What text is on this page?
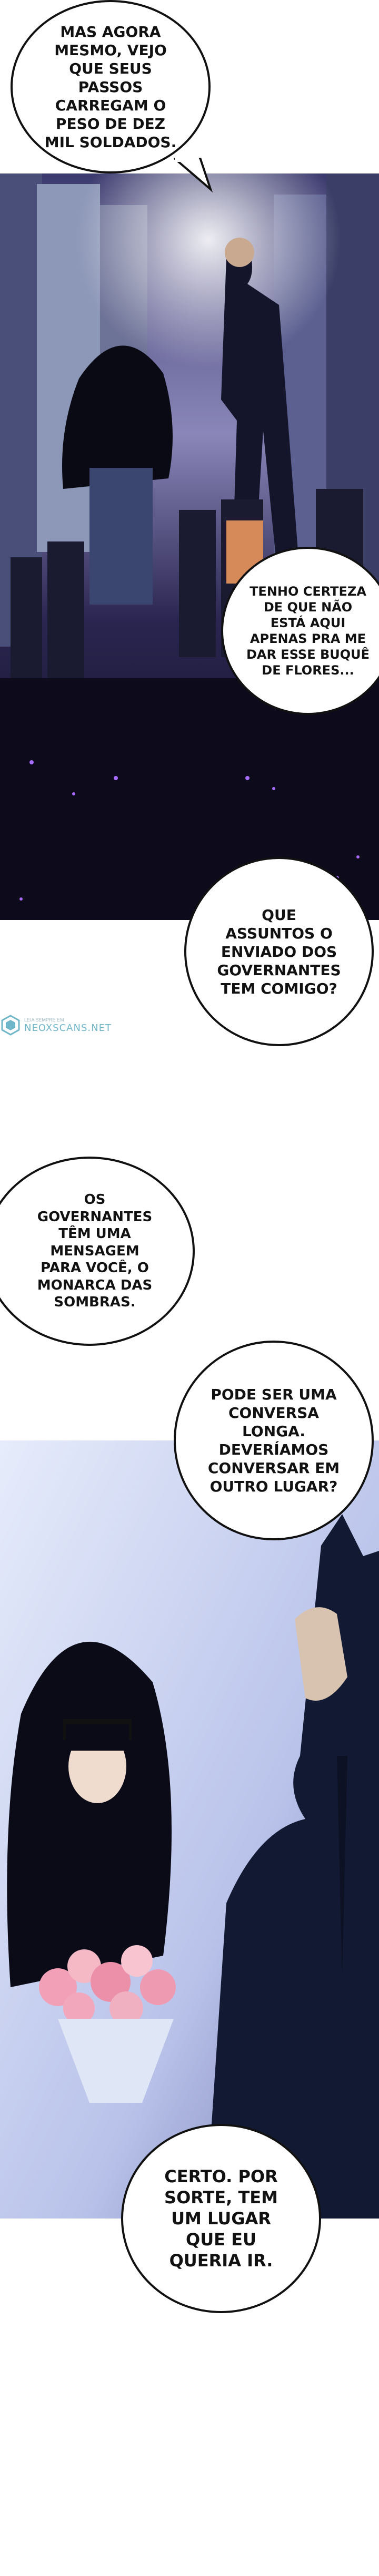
LEIA SEMPRE EM
NEOXSCANS.NET
MAS AGORA MESMO, VEJO QUE SEUS PASSOS CARREGAM O PESO DE DEZ MIL SOLDADOS.
TENHO CERTEZA DE QUE NÃO ESTÁ AQUI APENAS PRA ME DAR ESSE BUQUÊ DE FLORES...
QUE ASSUNTOS O ENVIADO DOS GOVERNANTES TEM COMIGO?
OS GOVERNANTES TÊM UMA MENSAGEM PARA VOCÊ, O MONARCA DAS SOMBRAS.
PODE SER UMA CONVERSA LONGA. DEVERÍAMOS CONVERSAR EM OUTRO LUGAR?
CERTO. POR SORTE, TEM UM LUGAR QUE EU QUERIA IR.
